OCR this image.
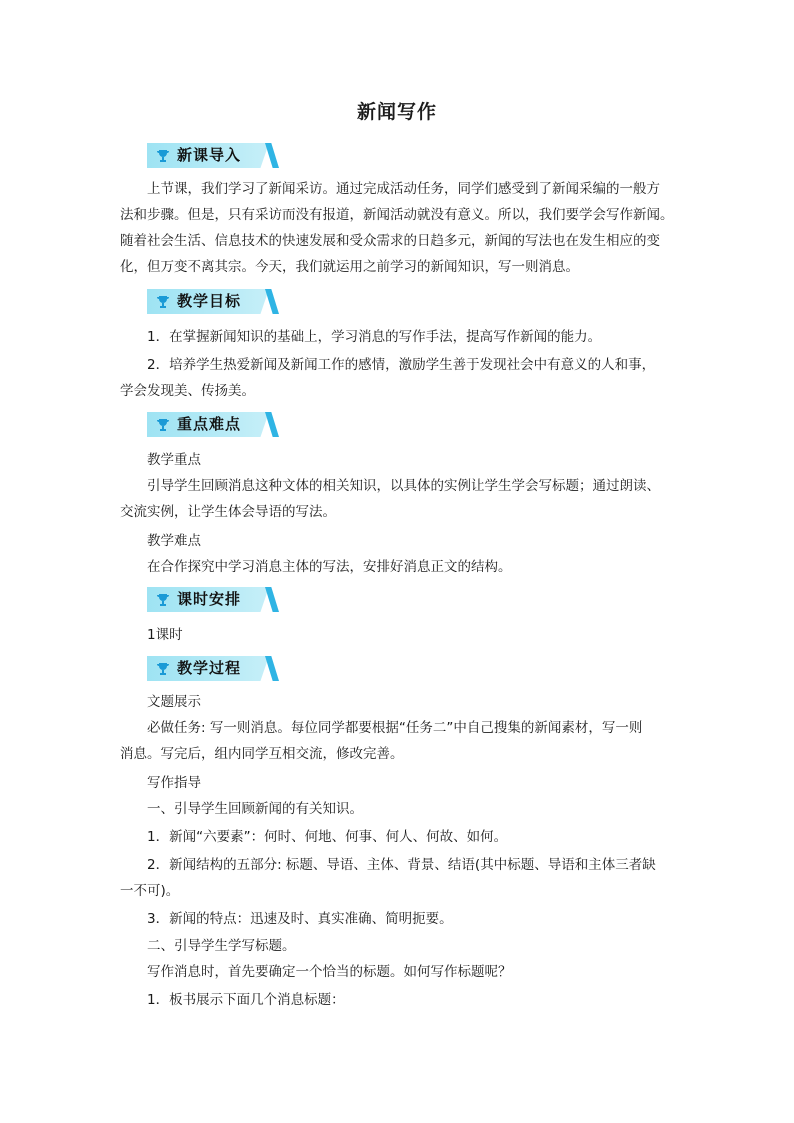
新闻写作
新课导入
上节课，我们学习了新闻采访。通过完成活动任务，同学们感受到了新闻采编的一般方
法和步骤。但是，只有采访而没有报道，新闻活动就没有意义。所以，我们要学会写作新闻。
随着社会生活、信息技术的快速发展和受众需求的日趋多元，新闻的写法也在发生相应的变
化，但万变不离其宗。今天，我们就运用之前学习的新闻知识，写一则消息。
教学目标
1．在掌握新闻知识的基础上，学习消息的写作手法，提高写作新闻的能力。
2．培养学生热爱新闻及新闻工作的感情，激励学生善于发现社会中有意义的人和事，
学会发现美、传扬美。
重点难点
教学重点
引导学生回顾消息这种文体的相关知识，以具体的实例让学生学会写标题；通过朗读、
交流实例，让学生体会导语的写法。
教学难点
在合作探究中学习消息主体的写法，安排好消息正文的结构。
课时安排
1课时
教学过程
文题展示
必做任务: 写一则消息。每位同学都要根据“任务二”中自己搜集的新闻素材，写一则
消息。写完后，组内同学互相交流，修改完善。
写作指导
一、引导学生回顾新闻的有关知识。
1．新闻“六要素”：何时、何地、何事、何人、何故、如何。
2．新闻结构的五部分: 标题、导语、主体、背景、结语(其中标题、导语和主体三者缺
一不可)。
3．新闻的特点：迅速及时、真实准确、简明扼要。
二、引导学生学写标题。
写作消息时，首先要确定一个恰当的标题。如何写作标题呢？
1．板书展示下面几个消息标题：
